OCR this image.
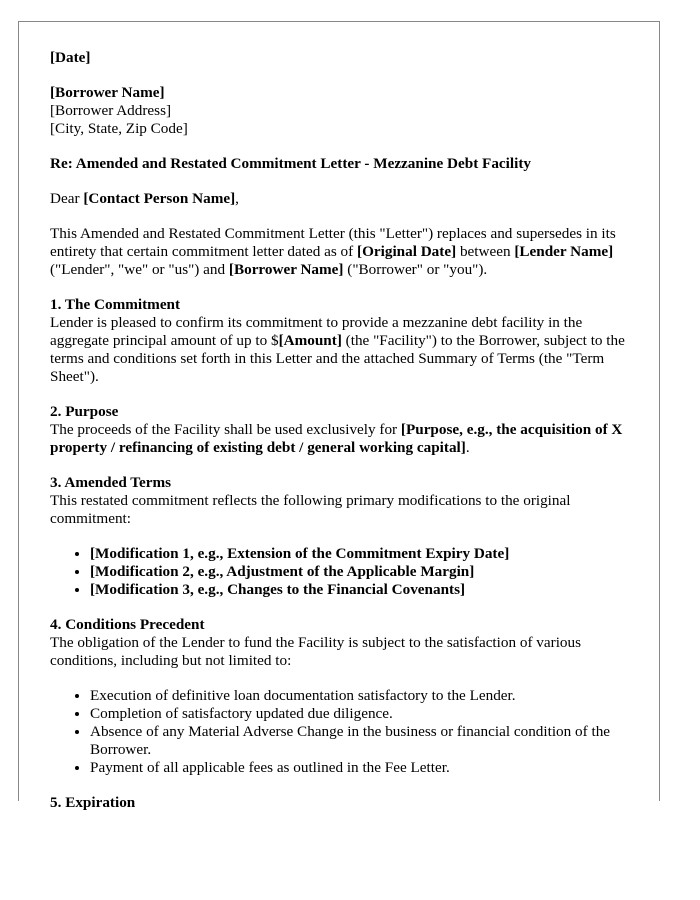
[Date]

[Borrower Name]

[Borrower Address]

[City, State, Zip Code]

Re: Amended and Restated Commitment Letter - Mezzanine Debt Facility

Dear [Contact Person Name],

This Amended and Restated Commitment Letter (this "Letter") replaces and supersedes in its entirety that certain commitment letter dated as of [Original Date] between [Lender Name] ("Lender", "we" or "us") and [Borrower Name] ("Borrower" or "you").

1. The Commitment

Lender is pleased to confirm its commitment to provide a mezzanine debt facility in the aggregate principal amount of up to $[Amount] (the "Facility") to the Borrower, subject to the terms and conditions set forth in this Letter and the attached Summary of Terms (the "Term Sheet").

2. Purpose

The proceeds of the Facility shall be used exclusively for [Purpose, e.g., the acquisition of X property / refinancing of existing debt / general working capital].

3. Amended Terms

This restated commitment reflects the following primary modifications to the original commitment:

• [Modification 1, e.g., Extension of the Commitment Expiry Date]
• [Modification 2, e.g., Adjustment of the Applicable Margin]
• [Modification 3, e.g., Changes to the Financial Covenants]

4. Conditions Precedent

The obligation of the Lender to fund the Facility is subject to the satisfaction of various conditions, including but not limited to:

• Execution of definitive loan documentation satisfactory to the Lender.
• Completion of satisfactory updated due diligence.
• Absence of any Material Adverse Change in the business or financial condition of the Borrower.
• Payment of all applicable fees as outlined in the Fee Letter.

5. Expiration
